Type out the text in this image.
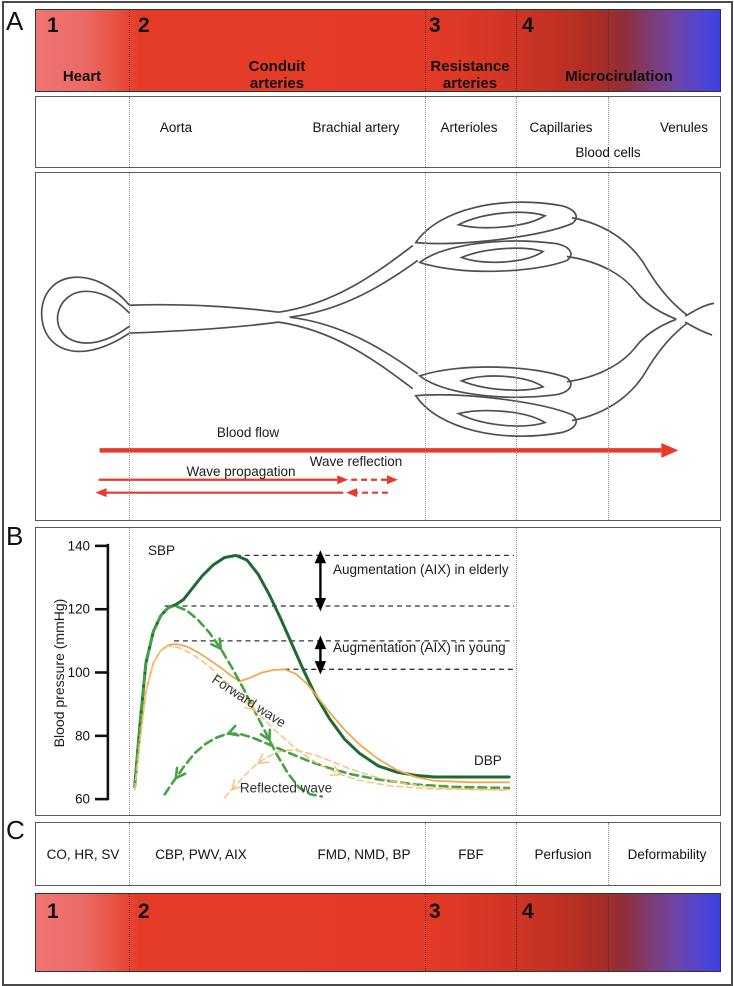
A
B
C
1	2	3	4
Heart
Conduit arteries
Resistance arteries	Microcirulation
Aorta	Brachial artery	Arterioles Capillaries	Venules
Blood cells
Blood flow
Wave propagation
Wave reflection
140
120
100
80
60
SBP
DBP
Forward wave
Reflected wave
Augmentation (AIX) in elderly
Augmentation (AIX) in young
Blood pressure (mmHg)
CO, HR, SV	CBP, PWV, AIX	FMD, NMD, BP	FBF	Perfusion	Deformability
1	2	3	4
